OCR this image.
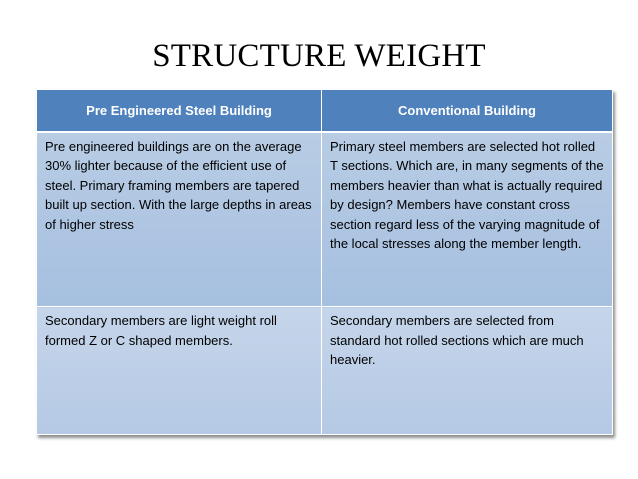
STRUCTURE WEIGHT
Pre Engineered Steel Building	Conventional Building
Pre engineered buildings are on the average 30% lighter because of the efficient use of steel. Primary framing members are tapered built up section. With the large depths in areas of higher stress	Primary steel members are selected hot rolled T sections. Which are, in many segments of the members heavier than what is actually required by design? Members have constant cross section regard less of the varying magnitude of the local stresses along the member length.
Secondary members are light weight roll formed Z or C shaped members.	Secondary members are selected from standard hot rolled sections which are much heavier.
